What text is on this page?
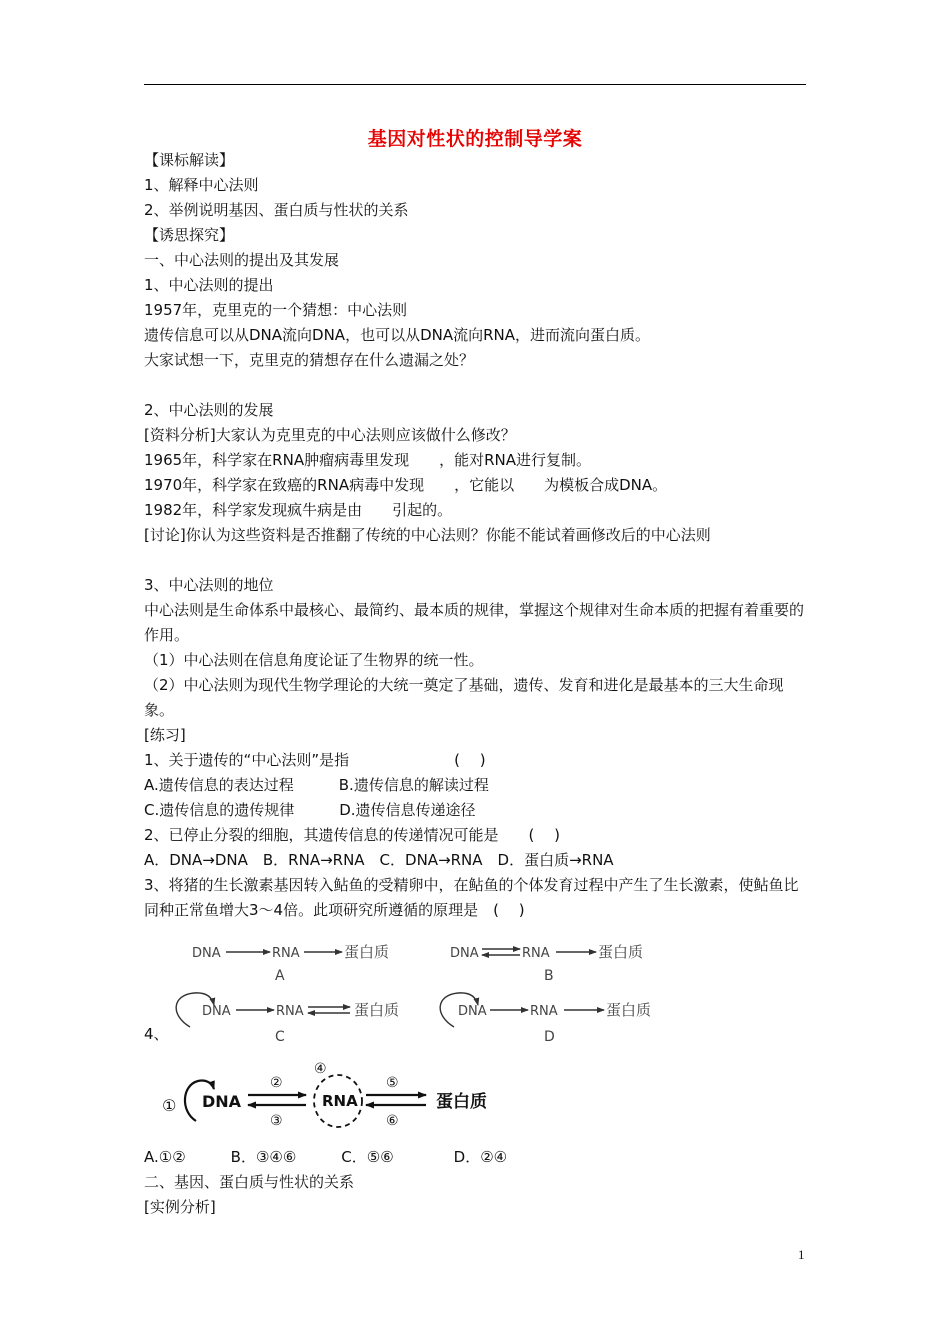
基因对性状的控制导学案
【课标解读】
1、解释中心法则
2、举例说明基因、蛋白质与性状的关系
【诱思探究】
一、中心法则的提出及其发展
1、中心法则的提出
1957年，克里克的一个猜想：中心法则
遗传信息可以从DNA流向DNA，也可以从DNA流向RNA，进而流向蛋白质。
大家试想一下，克里克的猜想存在什么遗漏之处？
2、中心法则的发展
[资料分析]大家认为克里克的中心法则应该做什么修改？
1965年，科学家在RNA肿瘤病毒里发现　　，能对RNA进行复制。
1970年，科学家在致癌的RNA病毒中发现　　，它能以　　为模板合成DNA。
1982年，科学家发现疯牛病是由　　引起的。
[讨论]你认为这些资料是否推翻了传统的中心法则？你能不能试着画修改后的中心法则
3、中心法则的地位
中心法则是生命体系中最核心、最简约、最本质的规律，掌握这个规律对生命本质的把握有着重要的作用。
（1）中心法则在信息角度论证了生物界的统一性。
（2）中心法则为现代生物学理论的大统一奠定了基础，遗传、发育和进化是最基本的三大生命现象。
[练习]
1、关于遗传的“中心法则”是指　　　　　　　(　 )
A.遗传信息的表达过程　　　B.遗传信息的解读过程
C.遗传信息的遗传规律　　　D.遗传信息传递途径
2、已停止分裂的细胞，其遗传信息的传递情况可能是　　(　 )
A．DNA→DNA　B．RNA→RNA　C．DNA→RNA　D．蛋白质→RNA
3、将猪的生长激素基因转入鲇鱼的受精卵中，在鲇鱼的个体发育过程中产生了生长激素，使鲇鱼比同种正常鱼增大3～4倍。此项研究所遵循的原理是　(　 )
DNA	RNA	蛋白质
A
DNA	RNA	蛋白质
B
DNA	RNA	蛋白质
C
DNA	RNA	蛋白质
D
4、
① DNA
②
③
④
RNA
⑤
⑥
蛋白质
A.①②　　　B．③④⑥　　　C．⑤⑥　　　　D．②④
二、基因、蛋白质与性状的关系
[实例分析]
1
